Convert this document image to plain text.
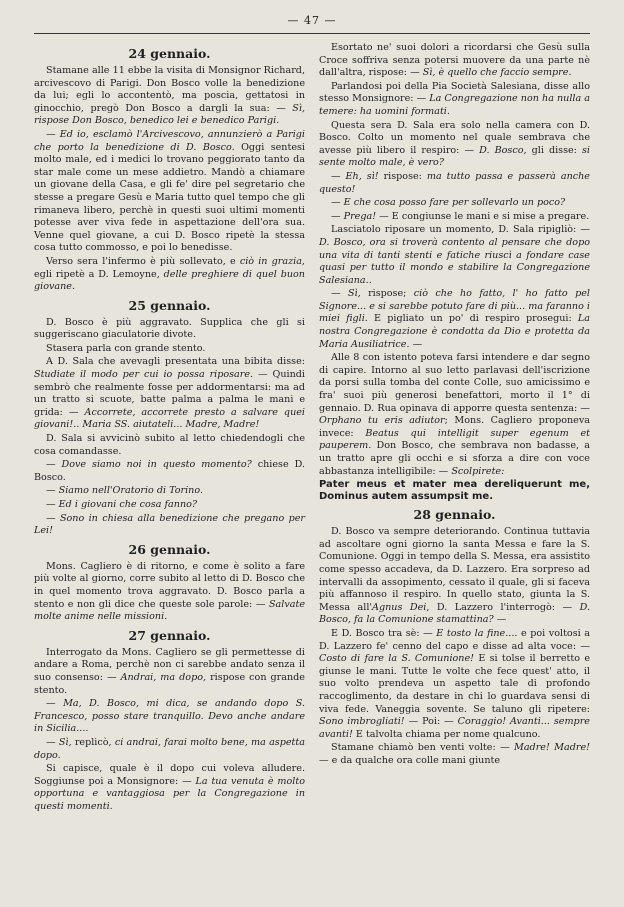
— 47 —
24 gennaio.

Stamane alle 11 ebbe la visita di Monsignor Richard, arcivescovo di Parigi. Don Bosco volle la benedizione da lui; egli lo accontentò, ma poscia, gettatosi in ginocchio, pregò Don Bosco a dargli la sua: — Sì, rispose Don Bosco, benedico lei e benedico Parigi.

— Ed io, esclamò l'Arcivescovo, annunzierò a Parigi che porto la benedizione di D. Bosco. Oggi sentesi molto male, ed i medici lo trovano peggiorato tanto da star male come un mese addietro. Mandò a chiamare un giovane della Casa, e gli fe' dire pel segretario che stesse a pregare Gesù e Maria tutto quel tempo che gli rimaneva libero, perchè in questi suoi ultimi momenti potesse aver viva fede in aspettazione dell'ora sua. Venne quel giovane, a cui D. Bosco ripetè la stessa cosa tutto commosso, e poi lo benedisse.

Verso sera l'infermo è più sollevato, e ciò in grazia, egli ripetè a D. Lemoyne, delle preghiere di quel buon giovane.

25 gennaio.

D. Bosco è più aggravato. Supplica che gli si suggeriscano giaculatorie divote.

Stasera parla con grande stento.

A D. Sala che avevagli presentata una bibita disse: Studiate il modo per cui io possa riposare. — Quindi sembrò che realmente fosse per addormentarsi: ma ad un tratto si scuote, batte palma a palma le mani e grida: — Accorrete, accorrete presto a salvare quei giovani!.. Maria SS. aiutateli... Madre, Madre!

D. Sala si avvicinò subito al letto chiedendogli che cosa comandasse.

— Dove siamo noi in questo momento? chiese D. Bosco.

— Siamo nell'Oratorio di Torino.

— Ed i giovani che cosa fanno?

— Sono in chiesa alla benedizione che pregano per Lei!

26 gennaio.

Mons. Cagliero è di ritorno, e come è solito a fare più volte al giorno, corre subito al letto di D. Bosco che in quel momento trova aggravato. D. Bosco parla a stento e non gli dice che queste sole parole: — Salvate molte anime nelle missioni.

27 gennaio.

Interrogato da Mons. Cagliero se gli permettesse di andare a Roma, perchè non ci sarebbe andato senza il suo consenso: — Andrai, ma dopo, rispose con grande stento.

— Ma, D. Bosco, mi dica, se andando dopo S. Francesco, posso stare tranquillo. Devo anche andare in Sicilia....

— Sì, replicò, ci andrai, farai molto bene, ma aspetta dopo.

Si capisce, quale è il dopo cui voleva alludere. Soggiunse poi a Monsignore: — La tua venuta è molto opportuna e vantaggiosa per la Congregazione in questi momenti.

Esortato ne' suoi dolori a ricordarsi che Gesù sulla Croce soffriva senza potersi muovere da una parte nè dall'altra, rispose: — Sì, è quello che faccio sempre.

Parlandosi poi della Pia Società Salesiana, disse allo stesso Monsignore: — La Congregazione non ha nulla a temere: ha uomini formati.

Questa sera D. Sala era solo nella camera con D. Bosco. Colto un momento nel quale sembrava che avesse più libero il respiro: — D. Bosco, gli disse: si sente molto male, è vero?

— Eh, sì! rispose: ma tutto passa e passerà anche questo!

— E che cosa posso fare per sollevarlo un poco?

— Prega! — E congiunse le mani e si mise a pregare.

Lasciatolo riposare un momento, D. Sala ripigliò: — D. Bosco, ora si troverà contento al pensare che dopo una vita di tanti stenti e fatiche riuscì a fondare case quasi per tutto il mondo e stabilire la Congregazione Salesiana..

— Sì, rispose; ciò che ho fatto, l' ho fatto pel Signore... e si sarebbe potuto fare di più... ma faranno i miei figli. E pigliato un po' di respiro prosegui: La nostra Congregazione è condotta da Dio e protetta da Maria Ausiliatrice. —

Alle 8 con istento poteva farsi intendere e dar segno di capire. Intorno al suo letto parlavasi dell'iscrizione da porsi sulla tomba del conte Colle, suo amicissimo e fra' suoi più generosi benefattori, morto il 1° di gennaio. D. Rua opinava di apporre questa sentenza: — Orphano tu eris adiutor; Mons. Cagliero proponeva invece: Beatus qui intelligit super egenum et pauperem. Don Bosco, che sembrava non badasse, a un tratto apre gli occhi e si sforza a dire con voce abbastanza intelligibile: — Scolpirete:

Pater meus et mater mea dereliquerunt me, Dominus autem assumpsit me.
28 gennaio.

D. Bosco va sempre deteriorando. Continua tuttavia ad ascoltare ogni giorno la santa Messa e fare la S. Comunione. Oggi in tempo della S. Messa, era assistito come spesso accadeva, da D. Lazzero. Era sorpreso ad intervalli da assopimento, cessato il quale, gli si faceva più affannoso il respiro. In quello stato, giunta la S. Messa all'Agnus Dei, D. Lazzero l'interrogò: — D. Bosco, fa la Comunione stamattina? —

E D. Bosco tra sè: — E tosto la fine.... e poi voltosi a D. Lazzero fe' cenno del capo e disse ad alta voce: — Costo di fare la S. Comunione! E si tolse il berretto e giunse le mani. Tutte le volte che fece quest' atto, il suo volto prendeva un aspetto tale di profondo raccoglimento, da destare in chi lo guardava sensi di viva fede. Vaneggia sovente. Se taluno gli ripetere: Sono imbrogliati! — Poi: — Coraggio! Avanti... sempre avanti! E talvolta chiama per nome qualcuno.

Stamane chiamò ben venti volte: — Madre! Madre! — e da qualche ora colle mani giunte
